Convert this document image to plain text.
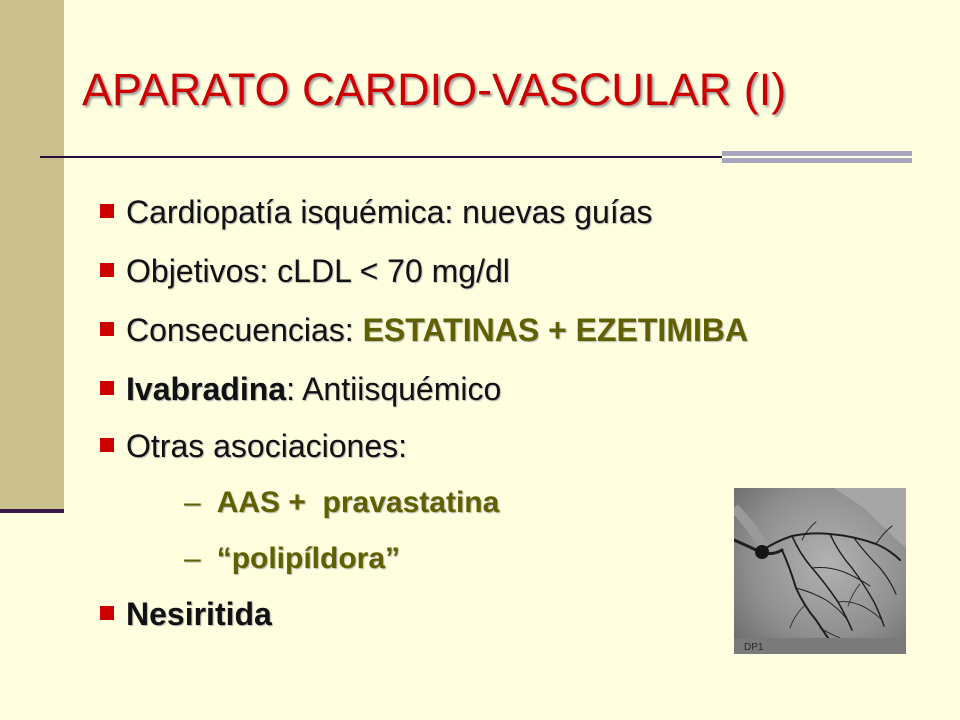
APARATO CARDIO-VASCULAR (I)
Cardiopatía isquémica: nuevas guías
Objetivos: cLDL < 70 mg/dl
Consecuencias: ESTATINAS + EZETIMIBA
Ivabradina: Antiisquémico
Otras asociaciones:
– AAS +  pravastatina
– “polipíldora”
Nesiritida
DP1
